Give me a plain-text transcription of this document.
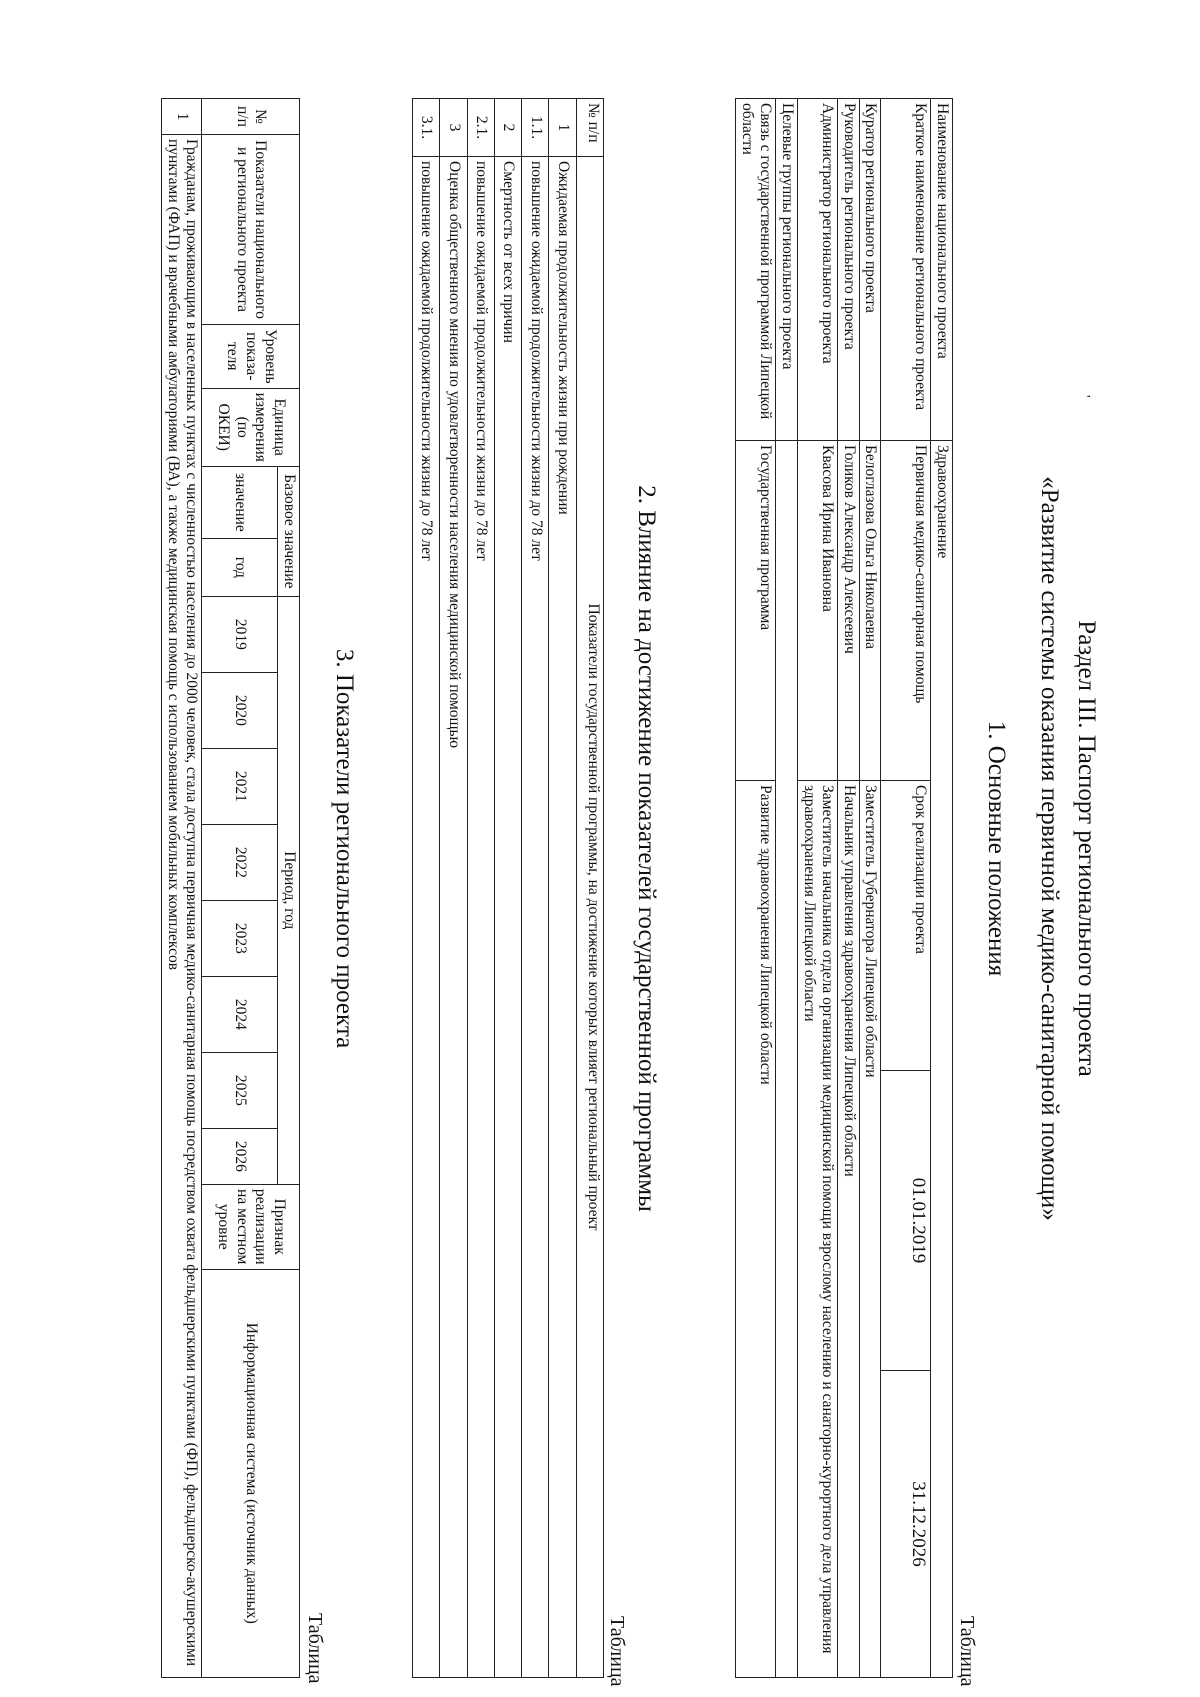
'
Раздел III. Паспорт регионального проекта
«Развитие системы оказания первичной медико-санитарной помощи»
1. Основные положения
Таблица
Наименование национального проекта	Здравоохранение			
Краткое наименование регионального проекта	Первичная медико-санитарная помощь	Срок реализации проекта	01.01.2019	31.12.2026
Куратор регионального проекта	Белоглазова Ольга Николаевна	Заместитель Губернатора Липецкой области		
Руководитель регионального проекта	Голиков Александр Алексеевич	Начальник управления здравоохранения Липецкой области		
Администратор регионального проекта	Квасова Ирина Ивановна	Заместитель начальника отдела организации медицинской помощи взрослому населению и санаторно-курортного дела управления здравоохранения Липецкой области		
Целевые группы регионального проекта				
Связь с государственной программой Липецкой области	Государственная программа	Развитие здравоохранения Липецкой области		
2. Влияние на достижение показателей государственной программы
Таблица
№ п/п	Показатели государственной программы, на достижение которых влияет региональный проект
1	Ожидаемая продолжительность жизни при рождении
1.1.	повышение ожидаемой продолжительности жизни до 78 лет
2	Смертность от всех причин
2.1.	повышение ожидаемой продолжительности жизни до 78 лет
3	Оценка общественного мнения по удовлетворенности населения медицинской помощью
3.1.	повышение ожидаемой продолжительности жизни до 78 лет
3. Показатели регионального проекта
Таблица
№ п/п	Показатели национального и регионального проекта	Уровень показа-теля	Единица измерения (по ОКЕИ)	Базовое значение		Период, год								Признак реализации на местном уровне	Информационная система (источник данных)
				значение	год	2019	2020	2021	2022	2023	2024	2025	2026		

1	Гражданам, проживающим в населенных пунктах с численностью населения до 2000 человек, стала доступна первичная медико-санитарная помощь посредством охвата фельдшерскими пунктами (ФП), фельдшерско-акушерскими пунктами (ФАП) и врачебными амбулаториями (ВА), а также медицинская помощь с использованием мобильных комплексов														
